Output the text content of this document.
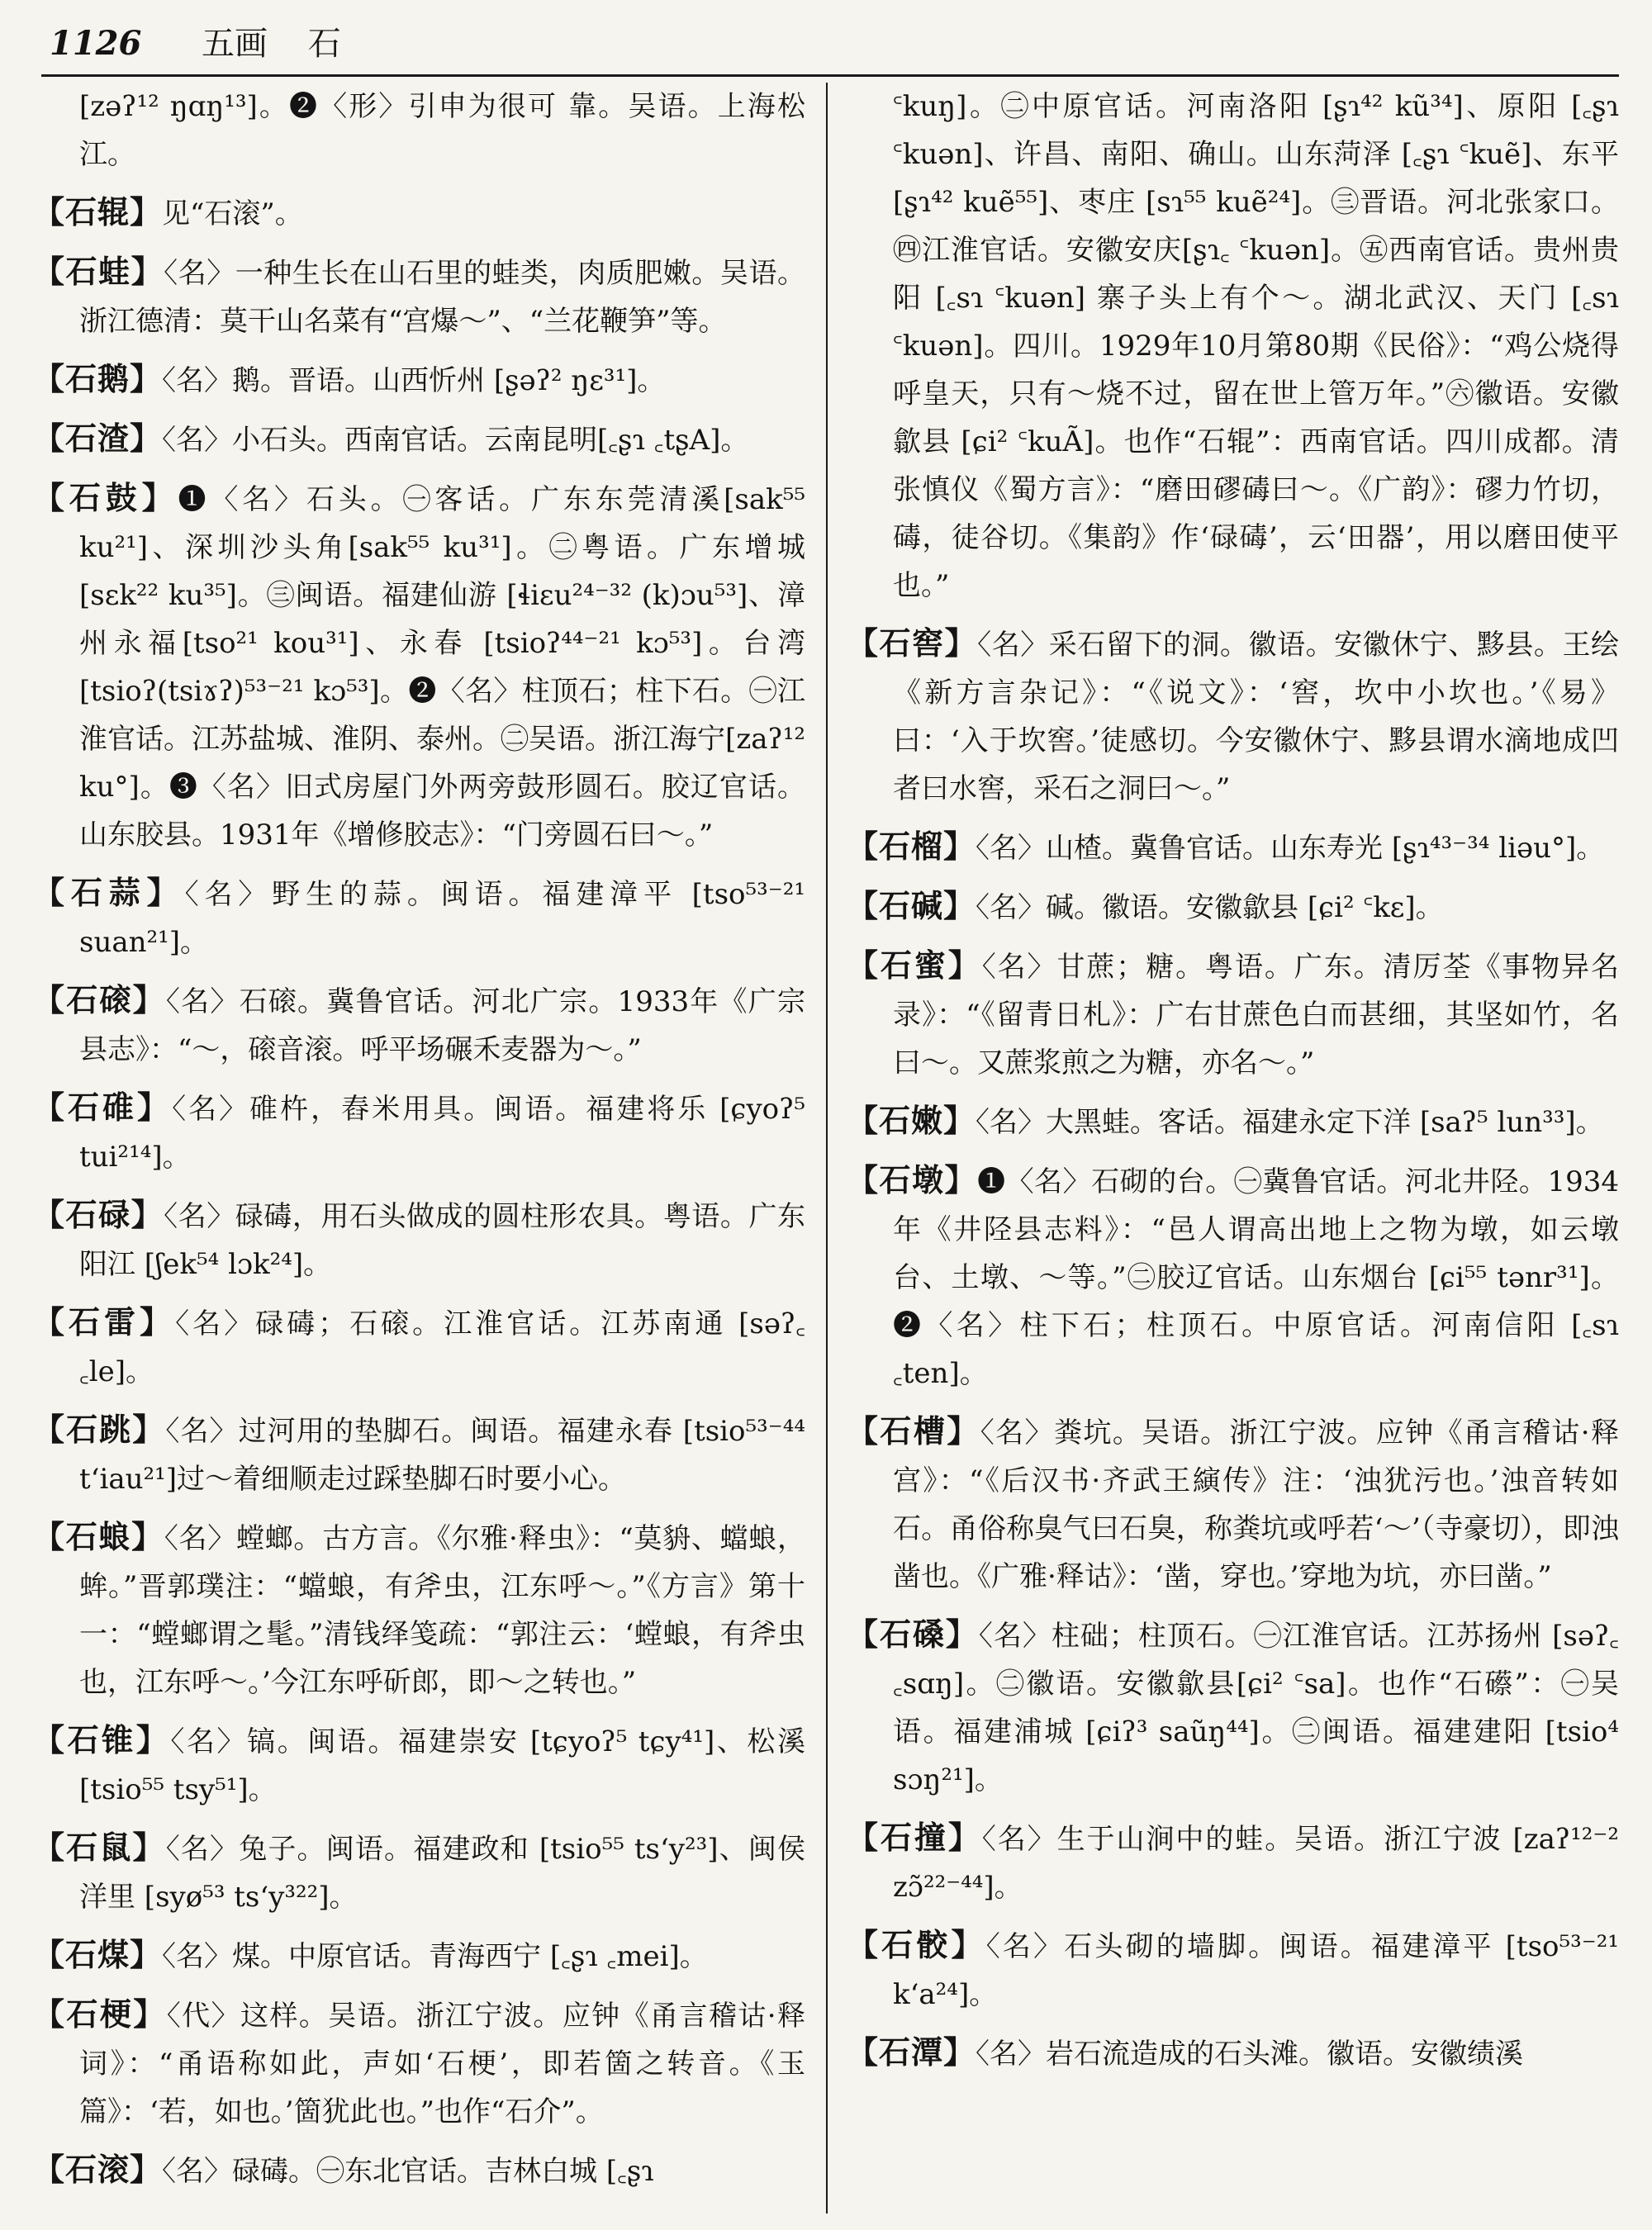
1126 五画 石

[zəʔ¹² ŋɑŋ¹³]。❷〈形〉引申为很可 靠。吴语。上海松江。

【石辊】见“石滚”。

【石蛙】〈名〉一种生长在山石里的蛙类，肉质肥嫩。吴语。浙江德清：莫干山名菜有“宫爆～”、“兰花鞭笋”等。

【石鹅】〈名〉鹅。晋语。山西忻州 [ʂəʔ² ŋɛ³¹]。

【石渣】〈名〉小石头。西南官话。云南昆明[꜀ʂɿ ꜀tʂA]。

【石鼓】❶〈名〉石头。㊀客话。广东东莞清溪[sak⁵⁵ ku²¹]、深圳沙头角[sak⁵⁵ ku³¹]。㊁粤语。广东增城[sɛk²² ku³⁵]。㊂闽语。福建仙游 [ɬiɛu²⁴⁻³² (k)ɔu⁵³]、漳州永福[tso²¹ kou³¹]、永春 [tsioʔ⁴⁴⁻²¹ kɔ⁵³]。台湾 [tsioʔ(tsiɤʔ)⁵³⁻²¹ kɔ⁵³]。❷〈名〉柱顶石；柱下石。㊀江淮官话。江苏盐城、淮阴、泰州。㊁吴语。浙江海宁[zaʔ¹² ku°]。❸〈名〉旧式房屋门外两旁鼓形圆石。胶辽官话。山东胶县。1931年《增修胶志》：“门旁圆石曰～。”

【石蒜】〈名〉野生的蒜。闽语。福建漳平 [tso⁵³⁻²¹ suan²¹]。

【石磙】〈名〉石磙。冀鲁官话。河北广宗。1933年《广宗县志》：“～，磙音滚。呼平场碾禾麦器为～。”

【石碓】〈名〉碓杵，舂米用具。闽语。福建将乐 [ɕyoʔ⁵ tui²¹⁴]。

【石碌】〈名〉碌碡，用石头做成的圆柱形农具。粤语。广东阳江 [ʃek⁵⁴ lɔk²⁴]。

【石雷】〈名〉碌碡；石磙。江淮官话。江苏南通 [səʔ꜀ ꜀le]。

【石跳】〈名〉过河用的垫脚石。闽语。福建永春 [tsio⁵³⁻⁴⁴ tʻiau²¹]过～着细顺走过踩垫脚石时要小心。

【石蜋】〈名〉螳螂。古方言。《尔雅·释虫》：“莫貈、蟷蜋，蛑。”晋郭璞注：“蟷蜋，有斧虫，江东呼～。”《方言》第十一：“螳螂谓之髦。”清钱绎笺疏：“郭注云：‘螳蜋，有斧虫也，江东呼～。’今江东呼斫郎，即～之转也。”

【石锥】〈名〉镐。闽语。福建崇安 [tɕyoʔ⁵ tɕy⁴¹]、松溪 [tsio⁵⁵ tsy⁵¹]。

【石鼠】〈名〉兔子。闽语。福建政和 [tsio⁵⁵ tsʻy²³]、闽侯洋里 [syø⁵³ tsʻy³²²]。

【石煤】〈名〉煤。中原官话。青海西宁 [꜀ʂɿ ꜀mei]。

【石梗】〈代〉这样。吴语。浙江宁波。应钟《甬言稽诂·释词》：“甬语称如此，声如‘石梗’，即若箇之转音。《玉篇》：‘若，如也。’箇犹此也。”也作“石介”。

【石滚】〈名〉碌碡。㊀东北官话。吉林白城 [꜀ʂɿ

꜂kuŋ]。㊁中原官话。河南洛阳 [ʂɿ⁴² kũ³⁴]、原阳 [꜀ʂɿ ꜂kuən]、许昌、南阳、确山。山东菏泽 [꜀ʂɿ ꜂kuẽ]、东平 [ʂɿ⁴² kuẽ⁵⁵]、枣庄 [sɿ⁵⁵ kuẽ²⁴]。㊂晋语。河北张家口。㊃江淮官话。安徽安庆[ʂɿ꜀ ꜂kuən]。㊄西南官话。贵州贵阳 [꜀sɿ ꜂kuən] 寨子头上有个～。湖北武汉、天门 [꜀sɿ ꜂kuən]。四川。1929年10月第80期《民俗》：“鸡公烧得呼皇天，只有～烧不过，留在世上管万年。”㊅徽语。安徽歙县 [ɕi² ꜂kuÃ]。也作“石辊”：西南官话。四川成都。清张慎仪《蜀方言》：“磨田磟碡曰～。《广韵》：磟力竹切，碡，徒谷切。《集韵》作‘碌碡’，云‘田器’，用以磨田使平也。”

【石窖】〈名〉采石留下的洞。徽语。安徽休宁、黟县。王绘《新方言杂记》：“《说文》：‘窖，坎中小坎也。’《易》曰：‘入于坎窖。’徒感切。今安徽休宁、黟县谓水滴地成凹者曰水窖，采石之洞曰～。”

【石榴】〈名〉山楂。冀鲁官话。山东寿光 [ʂɿ⁴³⁻³⁴ liəu°]。

【石碱】〈名〉碱。徽语。安徽歙县 [ɕi² ꜂kɛ]。

【石蜜】〈名〉甘蔗；糖。粤语。广东。清厉荃《事物异名录》：“《留青日札》：广右甘蔗色白而甚细，其坚如竹，名曰～。又蔗浆煎之为糖，亦名～。”

【石嫩】〈名〉大黑蛙。客话。福建永定下洋 [saʔ⁵ lun³³]。

【石墩】❶〈名〉石砌的台。㊀冀鲁官话。河北井陉。1934年《井陉县志料》：“邑人谓高出地上之物为墩，如云墩台、土墩、～等。”㊁胶辽官话。山东烟台 [ɕi⁵⁵ tənr³¹]。❷〈名〉柱下石；柱顶石。中原官话。河南信阳 [꜀sɿ ꜀ten]。

【石槽】〈名〉粪坑。吴语。浙江宁波。应钟《甬言稽诂·释宫》：“《后汉书·齐武王縯传》注：‘浊犹污也。’浊音转如石。甬俗称臭气曰石臭，称粪坑或呼若‘～’（寺豪切），即浊凿也。《广雅·释诂》：‘凿，穿也。’穿地为坑，亦曰凿。”

【石磉】〈名〉柱础；柱顶石。㊀江淮官话。江苏扬州 [səʔ꜀ ꜀sɑŋ]。㊁徽语。安徽歙县[ɕi² ꜂sa]。也作“石礤”：㊀吴语。福建浦城 [ɕiʔ³ saũŋ⁴⁴]。㊁闽语。福建建阳 [tsio⁴ sɔŋ²¹]。

【石撞】〈名〉生于山涧中的蛙。吴语。浙江宁波 [zaʔ¹²⁻² zɔ̃²²⁻⁴⁴]。

【石骹】〈名〉石头砌的墙脚。闽语。福建漳平 [tso⁵³⁻²¹ kʻa²⁴]。

【石潭】〈名〉岩石流造成的石头滩。徽语。安徽绩溪
